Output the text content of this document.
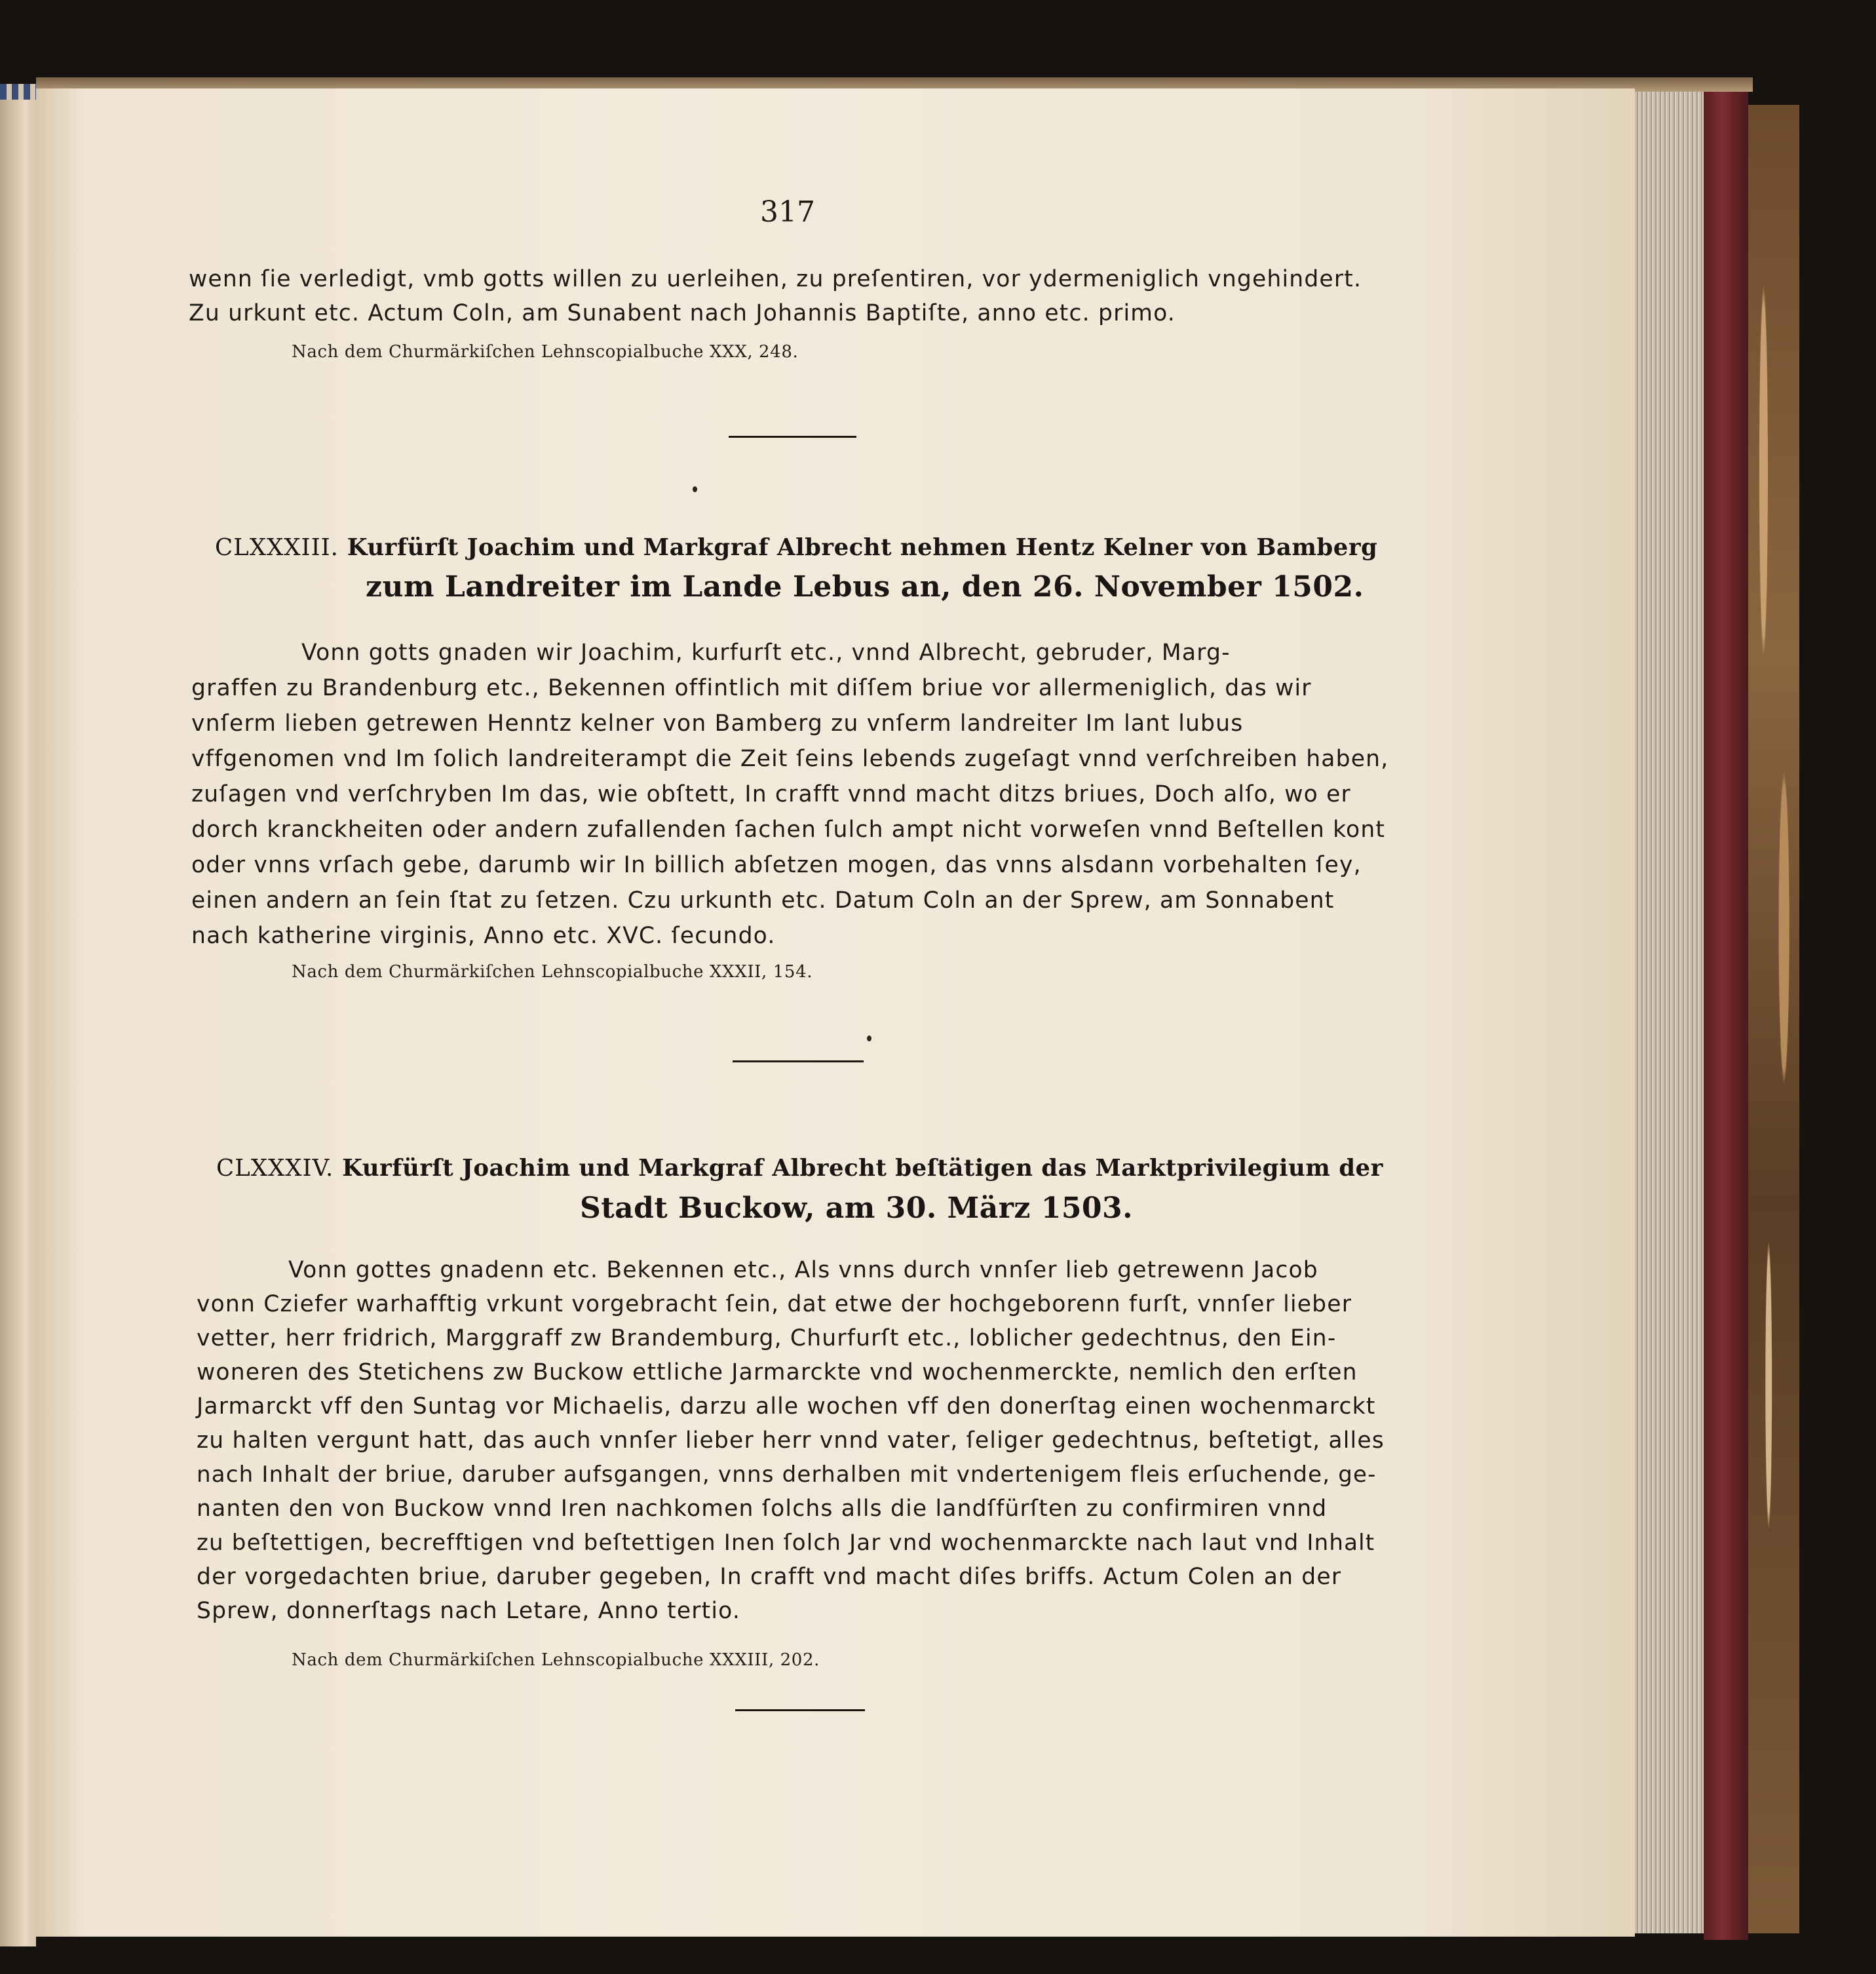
317
wenn ſie verledigt, vmb gotts willen zu uerleihen, zu preſentiren, vor ydermeniglich vngehindert.
Zu urkunt etc. Actum Coln, am Sunabent nach Johannis Baptiſte, anno etc. primo.
Nach dem Churmärkiſchen Lehnscopialbuche XXX, 248.
CLXXXIII. Kurfürſt Joachim und Markgraf Albrecht nehmen Hentz Kelner von Bamberg
zum Landreiter im Lande Lebus an, den 26. November 1502.
Vonn gotts gnaden wir Joachim, kurfurſt etc., vnnd Albrecht, gebruder, Marg-
graffen zu Brandenburg etc., Bekennen offintlich mit diſſem briue vor allermeniglich, das wir
vnſerm lieben getrewen Henntz kelner von Bamberg zu vnſerm landreiter Im lant lubus
vffgenomen vnd Im ſolich landreiterampt die Zeit ſeins lebends zugeſagt vnnd verſchreiben haben,
zuſagen vnd verſchryben Im das, wie obſtett, In crafft vnnd macht ditzs briues, Doch alſo, wo er
dorch kranckheiten oder andern zufallenden ſachen ſulch ampt nicht vorweſen vnnd Beſtellen kont
oder vnns vrſach gebe, darumb wir In billich abſetzen mogen, das vnns alsdann vorbehalten ſey,
einen andern an ſein ſtat zu ſetzen. Czu urkunth etc. Datum Coln an der Sprew, am Sonnabent
nach katherine virginis, Anno etc. XVC. ſecundo.
Nach dem Churmärkiſchen Lehnscopialbuche XXXII, 154.
CLXXXIV. Kurfürſt Joachim und Markgraf Albrecht beſtätigen das Marktprivilegium der
Stadt Buckow, am 30. März 1503.
Vonn gottes gnadenn etc. Bekennen etc., Als vnns durch vnnſer lieb getrewenn Jacob
vonn Cziefer warhafftig vrkunt vorgebracht ſein, dat etwe der hochgeborenn furſt, vnnſer lieber
vetter, herr fridrich, Marggraff zw Brandemburg, Churfurſt etc., loblicher gedechtnus, den Ein-
woneren des Stetichens zw Buckow ettliche Jarmarckte vnd wochenmerckte, nemlich den erſten
Jarmarckt vff den Suntag vor Michaelis, darzu alle wochen vff den donerſtag einen wochenmarckt
zu halten vergunt hatt, das auch vnnſer lieber herr vnnd vater, ſeliger gedechtnus, beſtetigt, alles
nach Inhalt der briue, daruber aufsgangen, vnns derhalben mit vndertenigem fleis erſuchende, ge-
nanten den von Buckow vnnd Iren nachkomen ſolchs alls die landſfürſten zu confirmiren vnnd
zu beſtettigen, becrefftigen vnd beſtettigen Inen ſolch Jar vnd wochenmarckte nach laut vnd Inhalt
der vorgedachten briue, daruber gegeben, In crafft vnd macht diſes briffs. Actum Colen an der
Sprew, donnerſtags nach Letare, Anno tertio.
Nach dem Churmärkiſchen Lehnscopialbuche XXXIII, 202.
